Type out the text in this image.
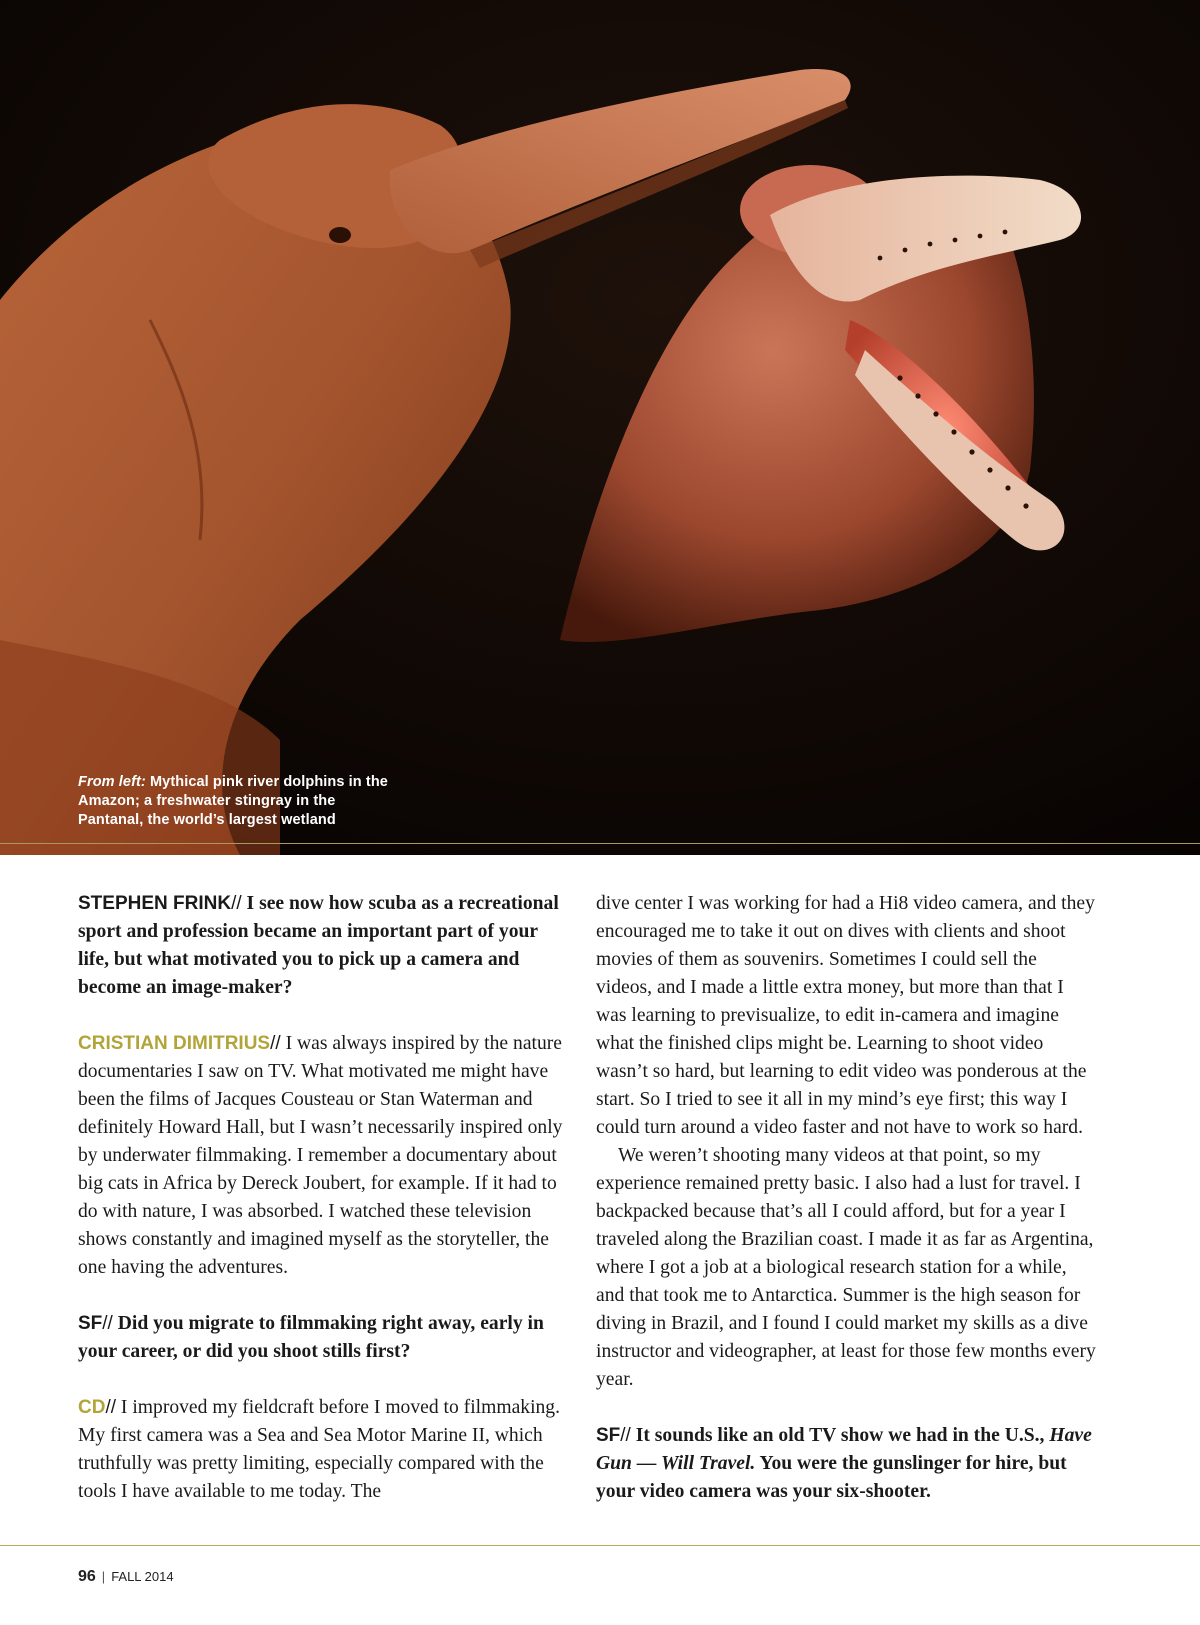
From left: Mythical pink river dolphins in the Amazon; a freshwater stingray in the Pantanal, the world’s largest wetland

STEPHEN FRINK// I see now how scuba as a recreational sport and profession became an important part of your life, but what motivated you to pick up a camera and become an image-maker?

CRISTIAN DIMITRIUS// I was always inspired by the nature documentaries I saw on TV. What motivated me might have been the films of Jacques Cousteau or Stan Waterman and definitely Howard Hall, but I wasn’t necessarily inspired only by underwater filmmaking. I remember a documentary about big cats in Africa by Dereck Joubert, for example. If it had to do with nature, I was absorbed. I watched these television shows constantly and imagined myself as the storyteller, the one having the adventures.

SF// Did you migrate to filmmaking right away, early in your career, or did you shoot stills first?

CD// I improved my fieldcraft before I moved to filmmaking. My first camera was a Sea and Sea Motor Marine II, which truthfully was pretty limiting, especially compared with the tools I have available to me today. The

dive center I was working for had a Hi8 video camera, and they encouraged me to take it out on dives with clients and shoot movies of them as souvenirs. Sometimes I could sell the videos, and I made a little extra money, but more than that I was learning to previsualize, to edit in-camera and imagine what the finished clips might be. Learning to shoot video wasn’t so hard, but learning to edit video was ponderous at the start. So I tried to see it all in my mind’s eye first; this way I could turn around a video faster and not have to work so hard.

We weren’t shooting many videos at that point, so my experience remained pretty basic. I also had a lust for travel. I backpacked because that’s all I could afford, but for a year I traveled along the Brazilian coast. I made it as far as Argentina, where I got a job at a biological research station for a while, and that took me to Antarctica. Summer is the high season for diving in Brazil, and I found I could market my skills as a dive instructor and videographer, at least for those few months every year.

SF// It sounds like an old TV show we had in the U.S., Have Gun — Will Travel. You were the gunslinger for hire, but your video camera was your six-shooter.

96 | FALL 2014
